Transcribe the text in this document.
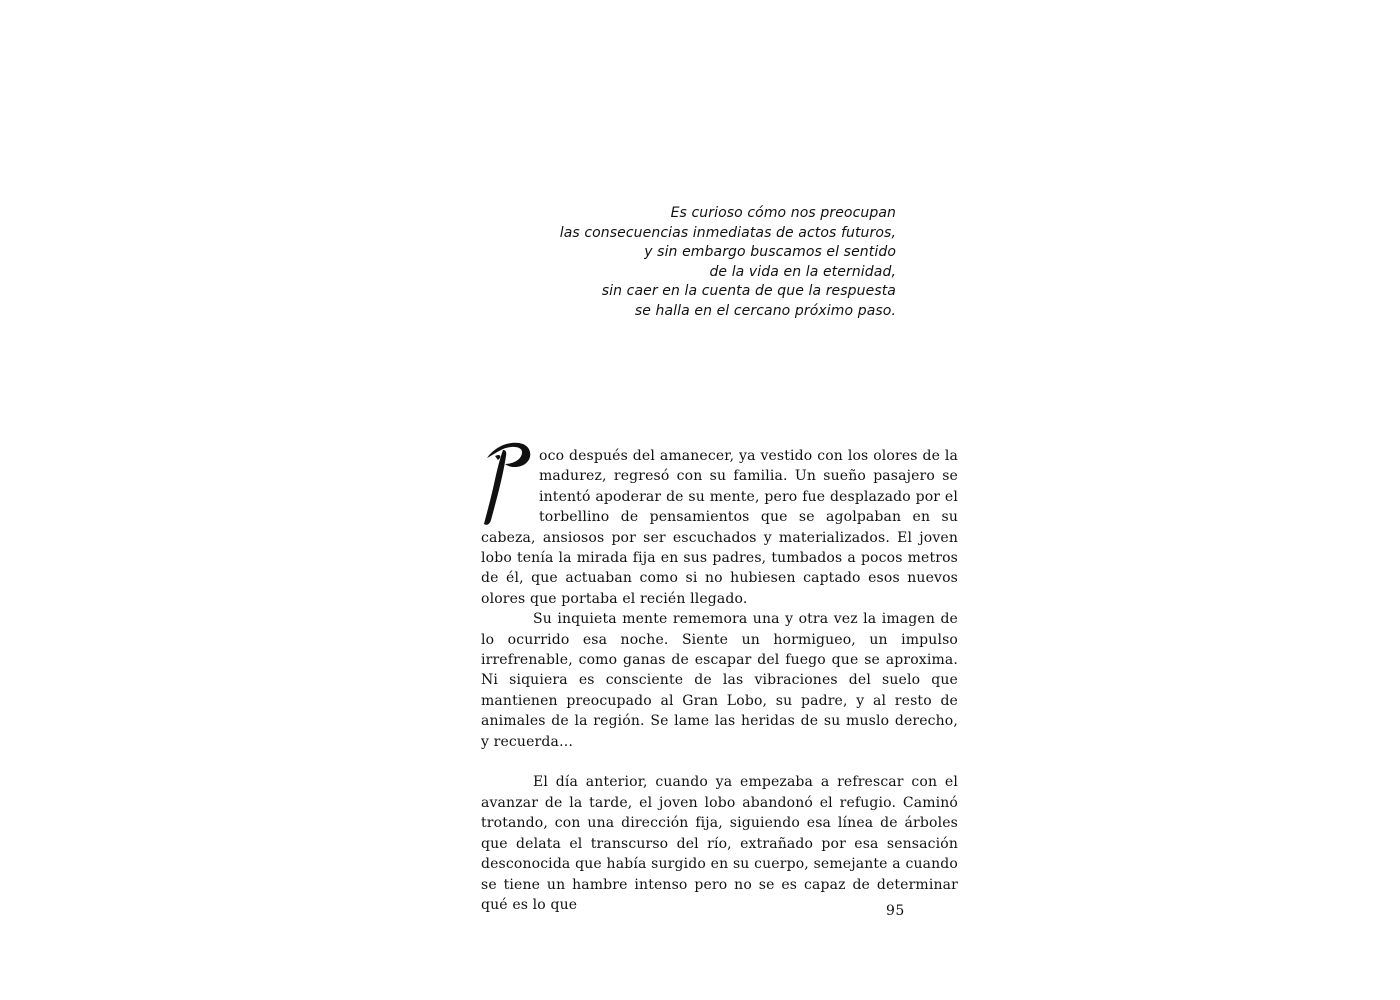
Es curioso cómo nos preocupan
las consecuencias inmediatas de actos futuros,
y sin embargo buscamos el sentido
de la vida en la eternidad,
sin caer en la cuenta de que la respuesta
se halla en el cercano próximo paso.

oco después del amanecer, ya vestido con los olores de la madurez, regresó con su familia. Un sueño pasajero se intentó apoderar de su mente, pero fue desplazado por el torbellino de pensamientos que se agolpaban en su cabeza, ansiosos por ser escuchados y materializados. El joven lobo tenía la mirada fija en sus padres, tumbados a pocos metros de él, que actuaban como si no hubiesen captado esos nuevos olores que portaba el recién llegado.

Su inquieta mente rememora una y otra vez la imagen de lo ocurrido esa noche. Siente un hormigueo, un impulso irrefrenable, como ganas de escapar del fuego que se aproxima. Ni siquiera es consciente de las vibraciones del suelo que mantienen preocupado al Gran Lobo, su padre, y al resto de animales de la región. Se lame las heridas de su muslo derecho, y recuerda…

El día anterior, cuando ya empezaba a refrescar con el avanzar de la tarde, el joven lobo abandonó el refugio. Caminó trotando, con una dirección fija, siguiendo esa línea de árboles que delata el transcurso del río, extrañado por esa sensación desconocida que había surgido en su cuerpo, semejante a cuando se tiene un hambre intenso pero no se es capaz de determinar qué es lo que	95
